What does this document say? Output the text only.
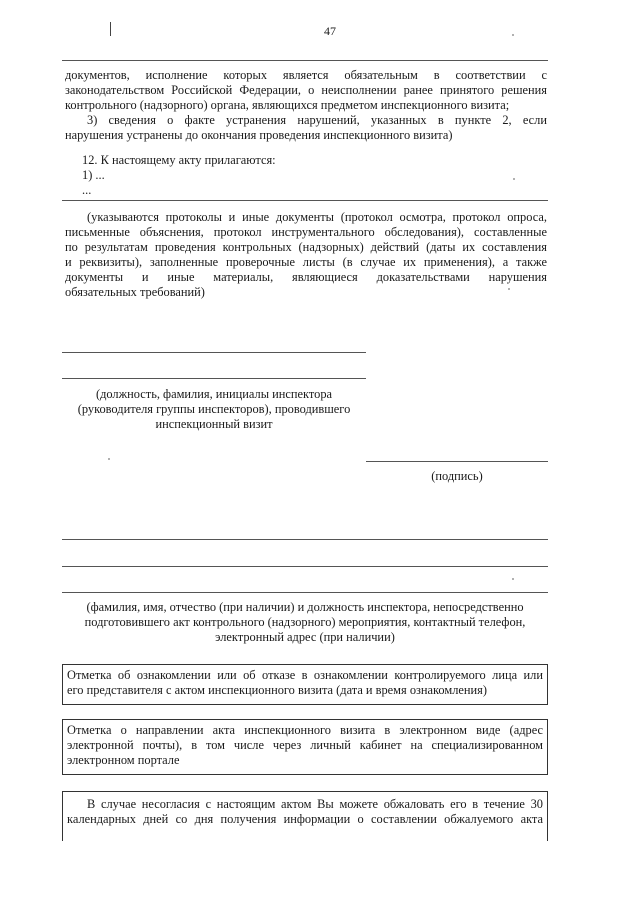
47
документов, исполнение которых является обязательным в соответствии с
законодательством Российской Федерации, о неисполнении ранее принятого решения
контрольного (надзорного) органа, являющихся предметом инспекционного визита;
3) сведения о факте устранения нарушений, указанных в пункте 2, если
нарушения устранены до окончания проведения инспекционного визита)
12. К настоящему акту прилагаются:
1) ...
...
(указываются протоколы и иные документы (протокол осмотра, протокол опроса,
письменные объяснения, протокол инструментального обследования), составленные
по результатам проведения контрольных (надзорных) действий (даты их составления
и реквизиты), заполненные проверочные листы (в случае их применения), а также
документы и иные материалы, являющиеся доказательствами нарушения
обязательных требований)
(должность, фамилия, инициалы инспектора
(руководителя группы инспекторов), проводившего
инспекционный визит
(подпись)
(фамилия, имя, отчество (при наличии) и должность инспектора, непосредственно
подготовившего акт контрольного (надзорного) мероприятия, контактный телефон,
электронный адрес (при наличии)
Отметка об ознакомлении или об отказе в ознакомлении контролируемого лица или
его представителя с актом инспекционного визита (дата и время ознакомления)
Отметка о направлении акта инспекционного визита в электронном виде (адрес
электронной почты), в том числе через личный кабинет на специализированном
электронном портале
В случае несогласия с настоящим актом Вы можете обжаловать его в течение 30
календарных дней со дня получения информации о составлении обжалуемого акта
